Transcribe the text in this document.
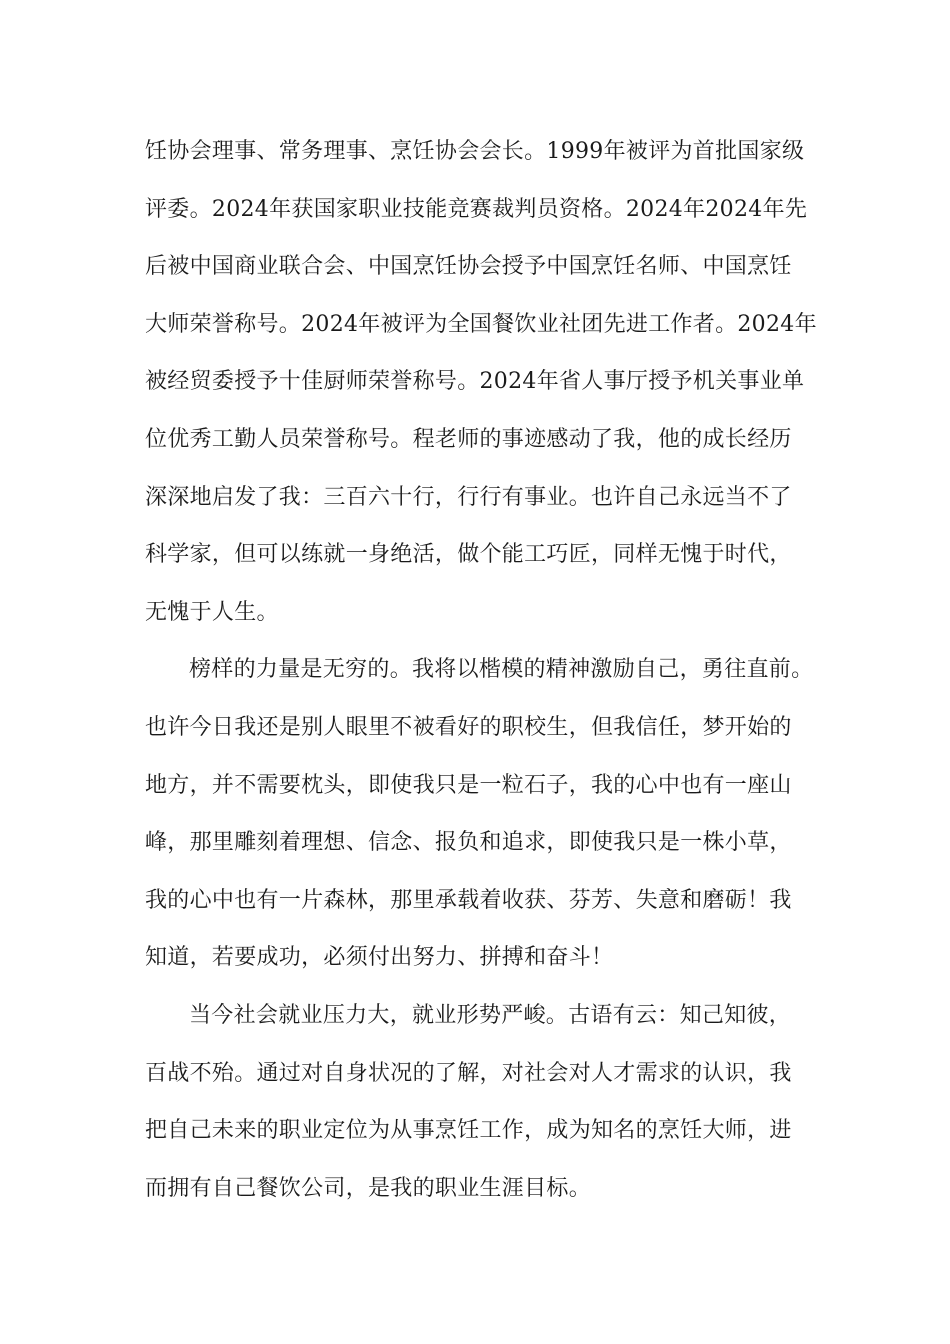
饪协会理事、常务理事、烹饪协会会长。1999年被评为首批国家级
评委。2024年获国家职业技能竞赛裁判员资格。2024年2024年先
后被中国商业联合会、中国烹饪协会授予中国烹饪名师、中国烹饪
大师荣誉称号。2024年被评为全国餐饮业社团先进工作者。2024年
被经贸委授予十佳厨师荣誉称号。2024年省人事厅授予机关事业单
位优秀工勤人员荣誉称号。程老师的事迹感动了我，他的成长经历
深深地启发了我：三百六十行，行行有事业。也许自己永远当不了
科学家，但可以练就一身绝活，做个能工巧匠，同样无愧于时代，
无愧于人生。
榜样的力量是无穷的。我将以楷模的精神激励自己，勇往直前。
也许今日我还是别人眼里不被看好的职校生，但我信任，梦开始的
地方，并不需要枕头，即使我只是一粒石子，我的心中也有一座山
峰，那里雕刻着理想、信念、报负和追求，即使我只是一株小草，
我的心中也有一片森林，那里承载着收获、芬芳、失意和磨砺！我
知道，若要成功，必须付出努力、拼搏和奋斗！
当今社会就业压力大，就业形势严峻。古语有云：知己知彼，
百战不殆。通过对自身状况的了解，对社会对人才需求的认识，我
把自己未来的职业定位为从事烹饪工作，成为知名的烹饪大师，进
而拥有自己餐饮公司，是我的职业生涯目标。
